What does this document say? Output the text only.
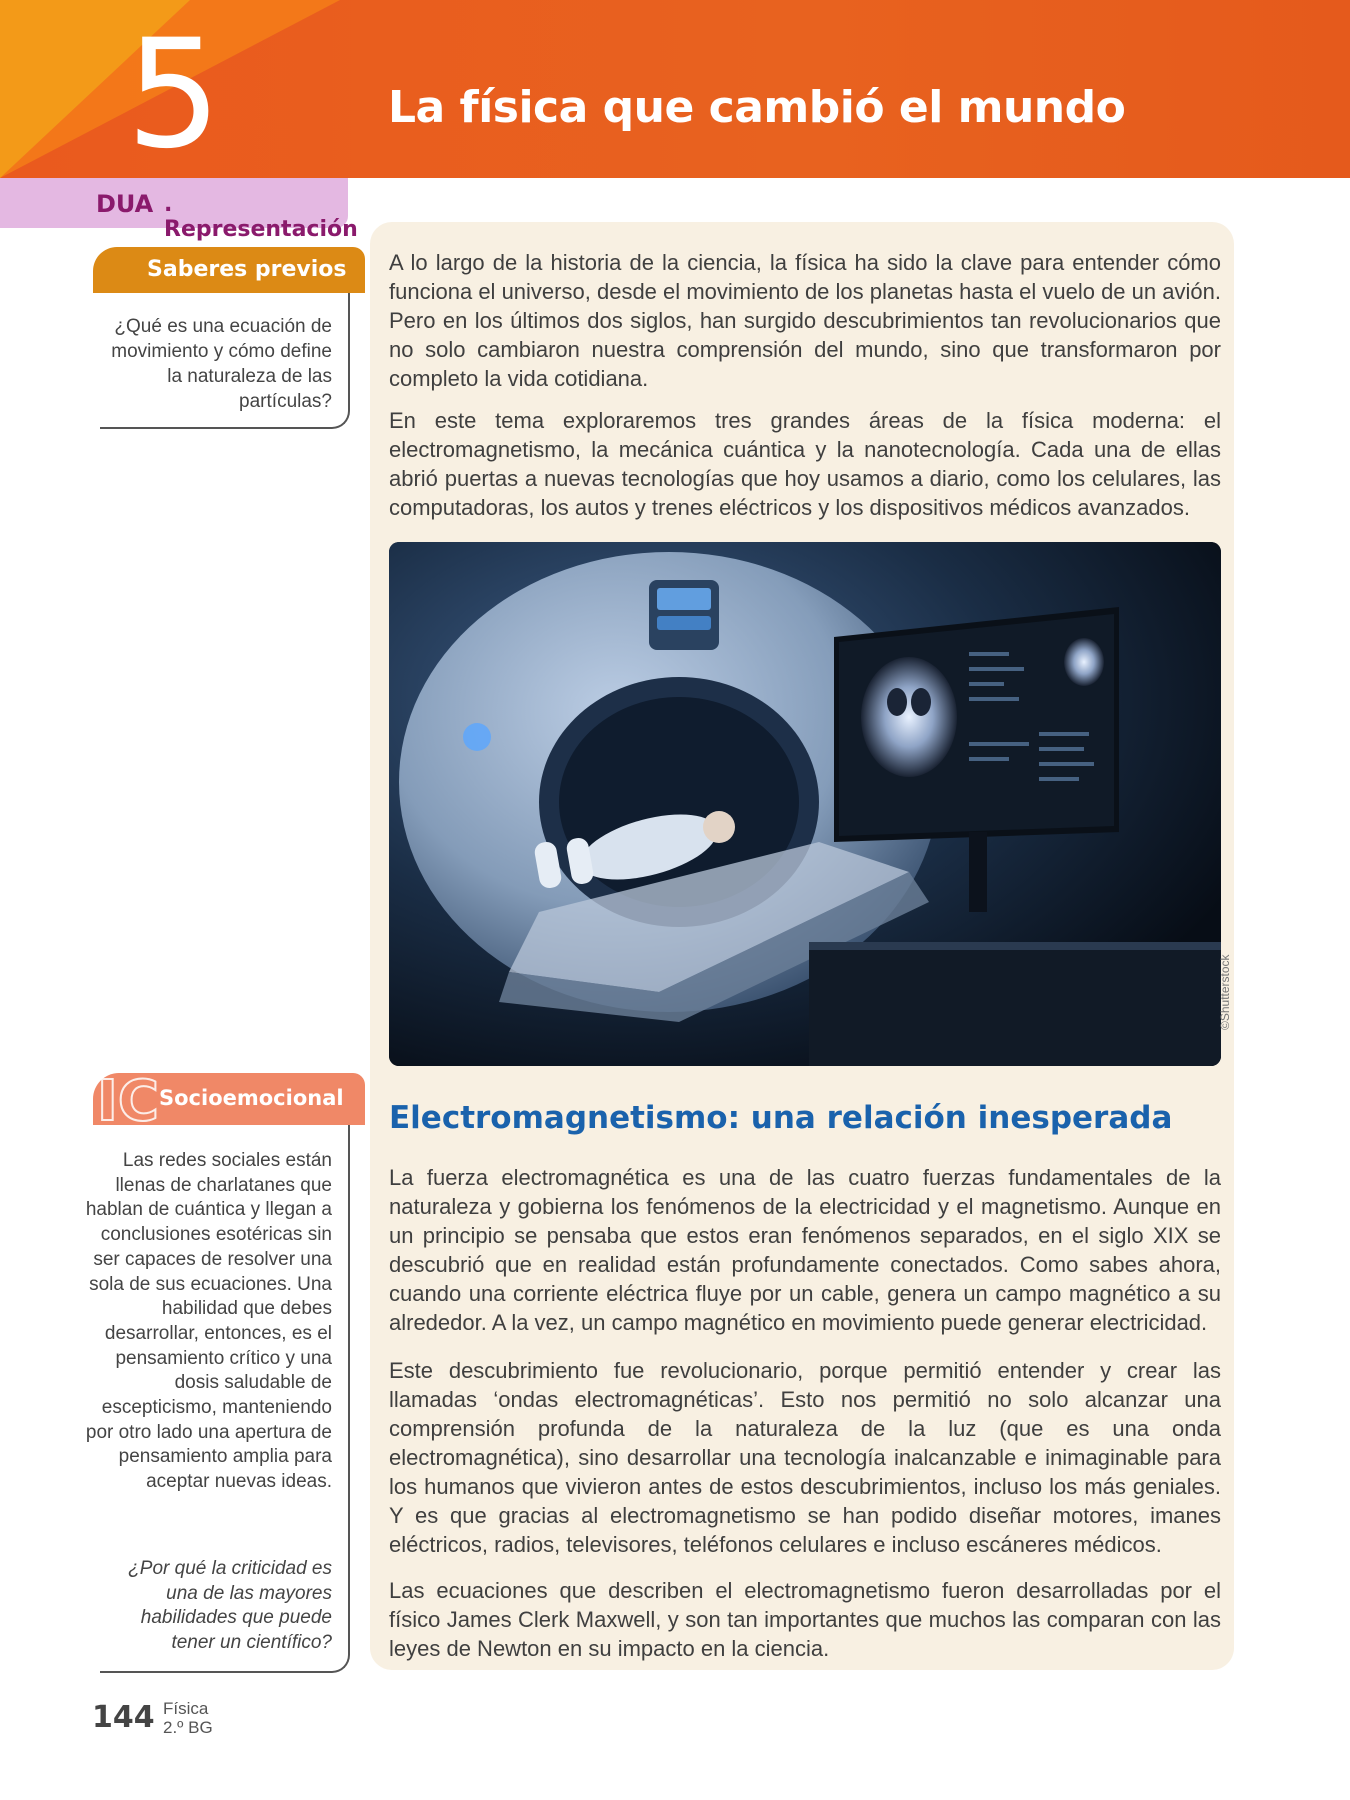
5	La física que cambió el mundo
DUA . Representación
Saberes previos
¿Qué es una ecuación de movimiento y cómo define la naturaleza de las partículas?
A lo largo de la historia de la ciencia, la física ha sido la clave para entender cómo funciona el universo, desde el movimiento de los planetas hasta el vuelo de un avión. Pero en los últimos dos siglos, han surgido descubrimientos tan revolucionarios que no solo cambiaron nuestra comprensión del mundo, sino que transformaron por completo la vida cotidiana.
En este tema exploraremos tres grandes áreas de la física moderna: el electromagnetismo, la mecánica cuántica y la nanotecnología. Cada una de ellas abrió puertas a nuevas tecnologías que hoy usamos a diario, como los celulares, las computadoras, los autos y trenes eléctricos y los dispositivos médicos avanzados.
©Shutterstock
Electromagnetismo: una relación inesperada
La fuerza electromagnética es una de las cuatro fuerzas fundamentales de la naturaleza y gobierna los fenómenos de la electricidad y el magnetismo. Aunque en un principio se pensaba que estos eran fenómenos separados, en el siglo XIX se descubrió que en realidad están profundamente conectados. Como sabes ahora, cuando una corriente eléctrica fluye por un cable, genera un campo magnético a su alrededor. A la vez, un campo magnético en movimiento puede generar electricidad.
Este descubrimiento fue revolucionario, porque permitió entender y crear las llamadas ‘ondas electromagnéticas’. Esto nos permitió no solo alcanzar una comprensión profunda de la naturaleza de la luz (que es una onda electromagnética), sino desarrollar una tecnología inalcanzable e inimaginable para los humanos que vivieron antes de estos descubrimientos, incluso los más geniales. Y es que gracias al electromagnetismo se han podido diseñar motores, imanes eléctricos, radios, televisores, teléfonos celulares e incluso escáneres médicos.
Las ecuaciones que describen el electromagnetismo fueron desarrolladas por el físico James Clerk Maxwell, y son tan importantes que muchos las comparan con las leyes de Newton en su impacto en la ciencia.
IC Socioemocional
Las redes sociales están llenas de charlatanes que hablan de cuántica y llegan a conclusiones esotéricas sin ser capaces de resolver una sola de sus ecuaciones. Una habilidad que debes desarrollar, entonces, es el pensamiento crítico y una dosis saludable de escepticismo, manteniendo por otro lado una apertura de pensamiento amplia para aceptar nuevas ideas.
¿Por qué la criticidad es una de las mayores habilidades que puede tener un científico?
144 Física
2.º BG
